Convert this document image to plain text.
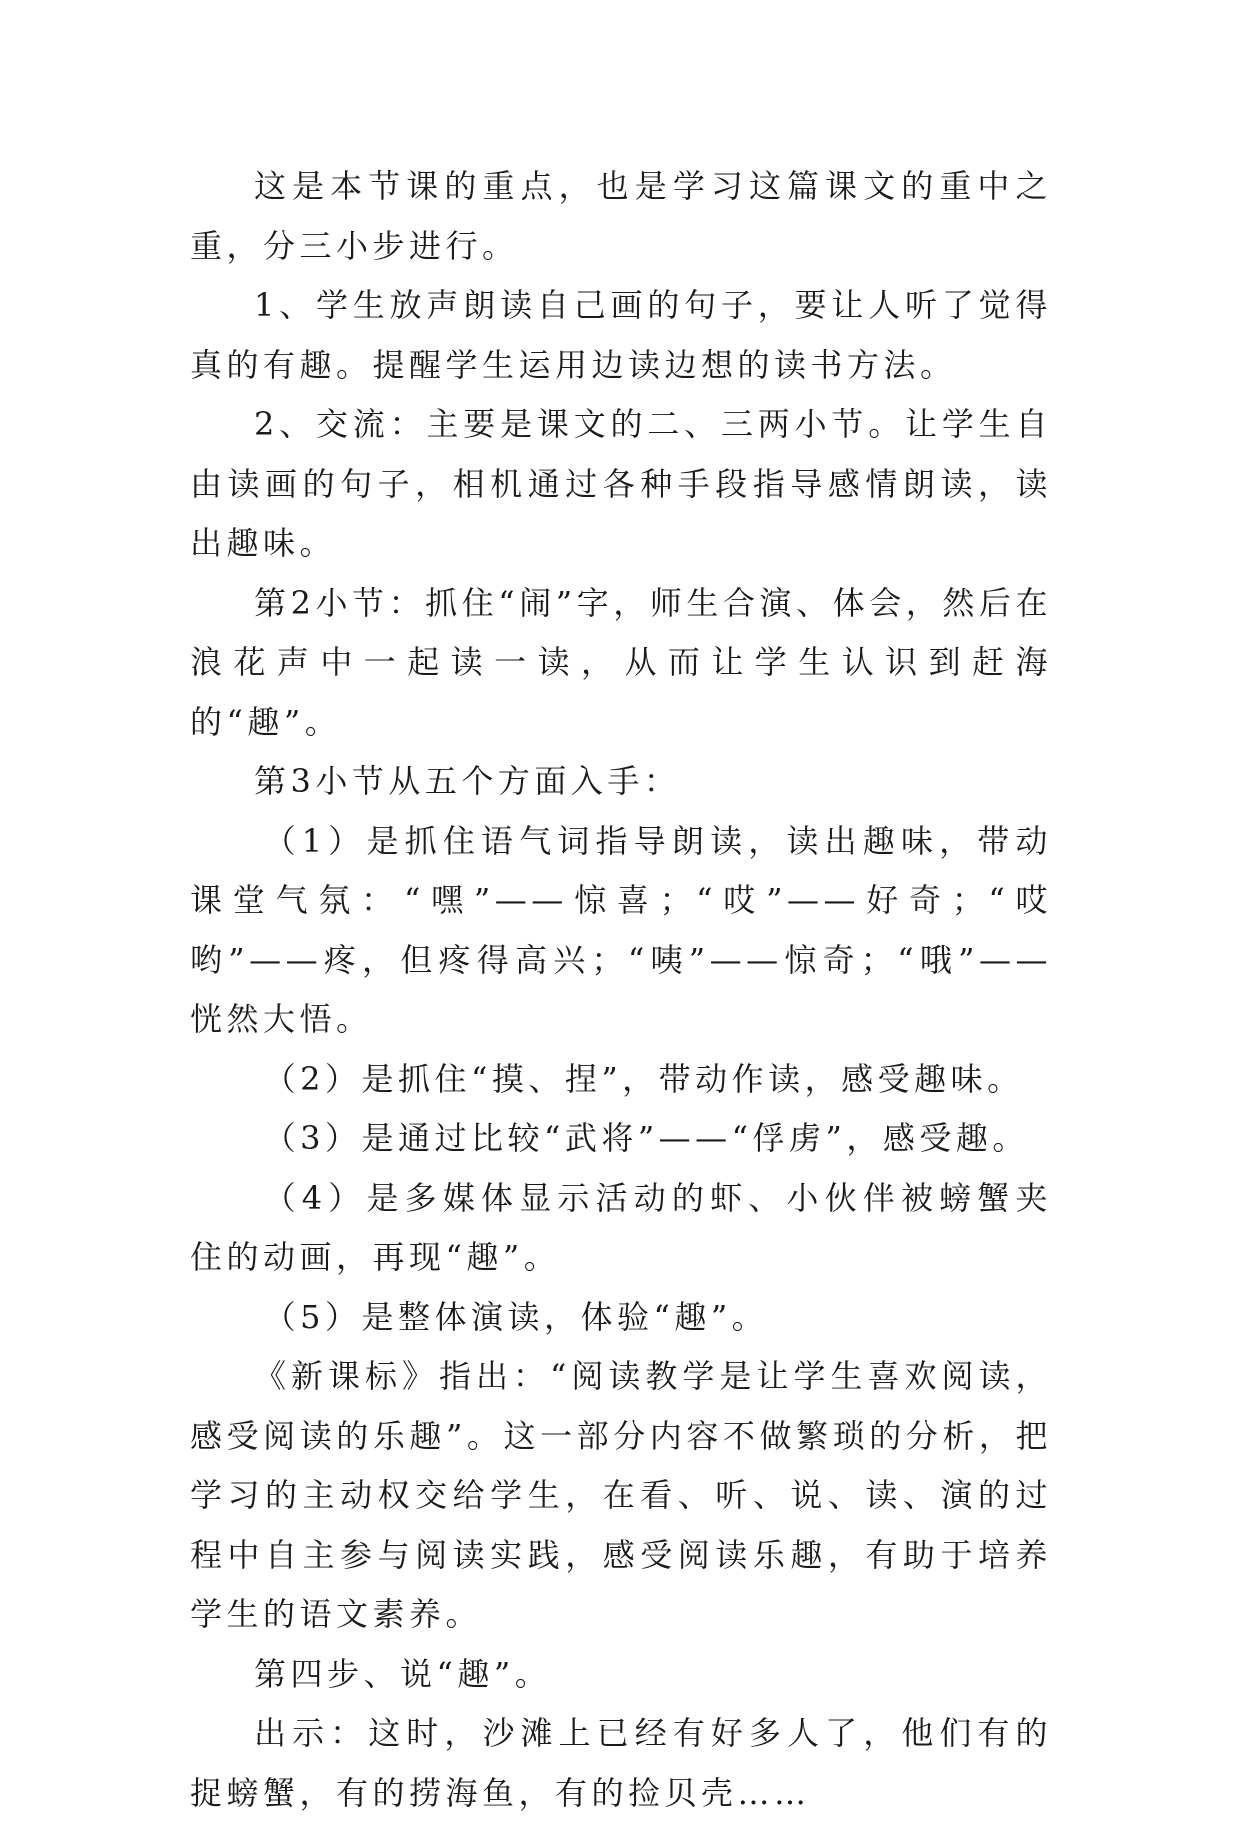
这是本节课的重点，也是学习这篇课文的重中之重，分三小步进行。

1、学生放声朗读自己画的句子，要让人听了觉得真的有趣。提醒学生运用边读边想的读书方法。

2、交流：主要是课文的二、三两小节。让学生自由读画的句子，相机通过各种手段指导感情朗读，读出趣味。

第2小节：抓住“闹”字，师生合演、体会，然后在浪花声中一起读一读，从而让学生认识到赶海的“趣”。

第3小节从五个方面入手：

（1）是抓住语气词指导朗读，读出趣味，带动课堂气氛：“嘿”——惊喜；“哎”——好奇；“哎哟”——疼，但疼得高兴；“咦”——惊奇；“哦”——恍然大悟。

（2）是抓住“摸、捏”，带动作读，感受趣味。

（3）是通过比较“武将”——“俘虏”，感受趣。

（4）是多媒体显示活动的虾、小伙伴被螃蟹夹住的动画，再现“趣”。

（5）是整体演读，体验“趣”。

《新课标》指出：“阅读教学是让学生喜欢阅读，感受阅读的乐趣”。这一部分内容不做繁琐的分析，把学习的主动权交给学生，在看、听、说、读、演的过程中自主参与阅读实践，感受阅读乐趣，有助于培养学生的语文素养。

第四步、说“趣”。

出示：这时，沙滩上已经有好多人了，他们有的捉螃蟹，有的捞海鱼，有的捡贝壳……
